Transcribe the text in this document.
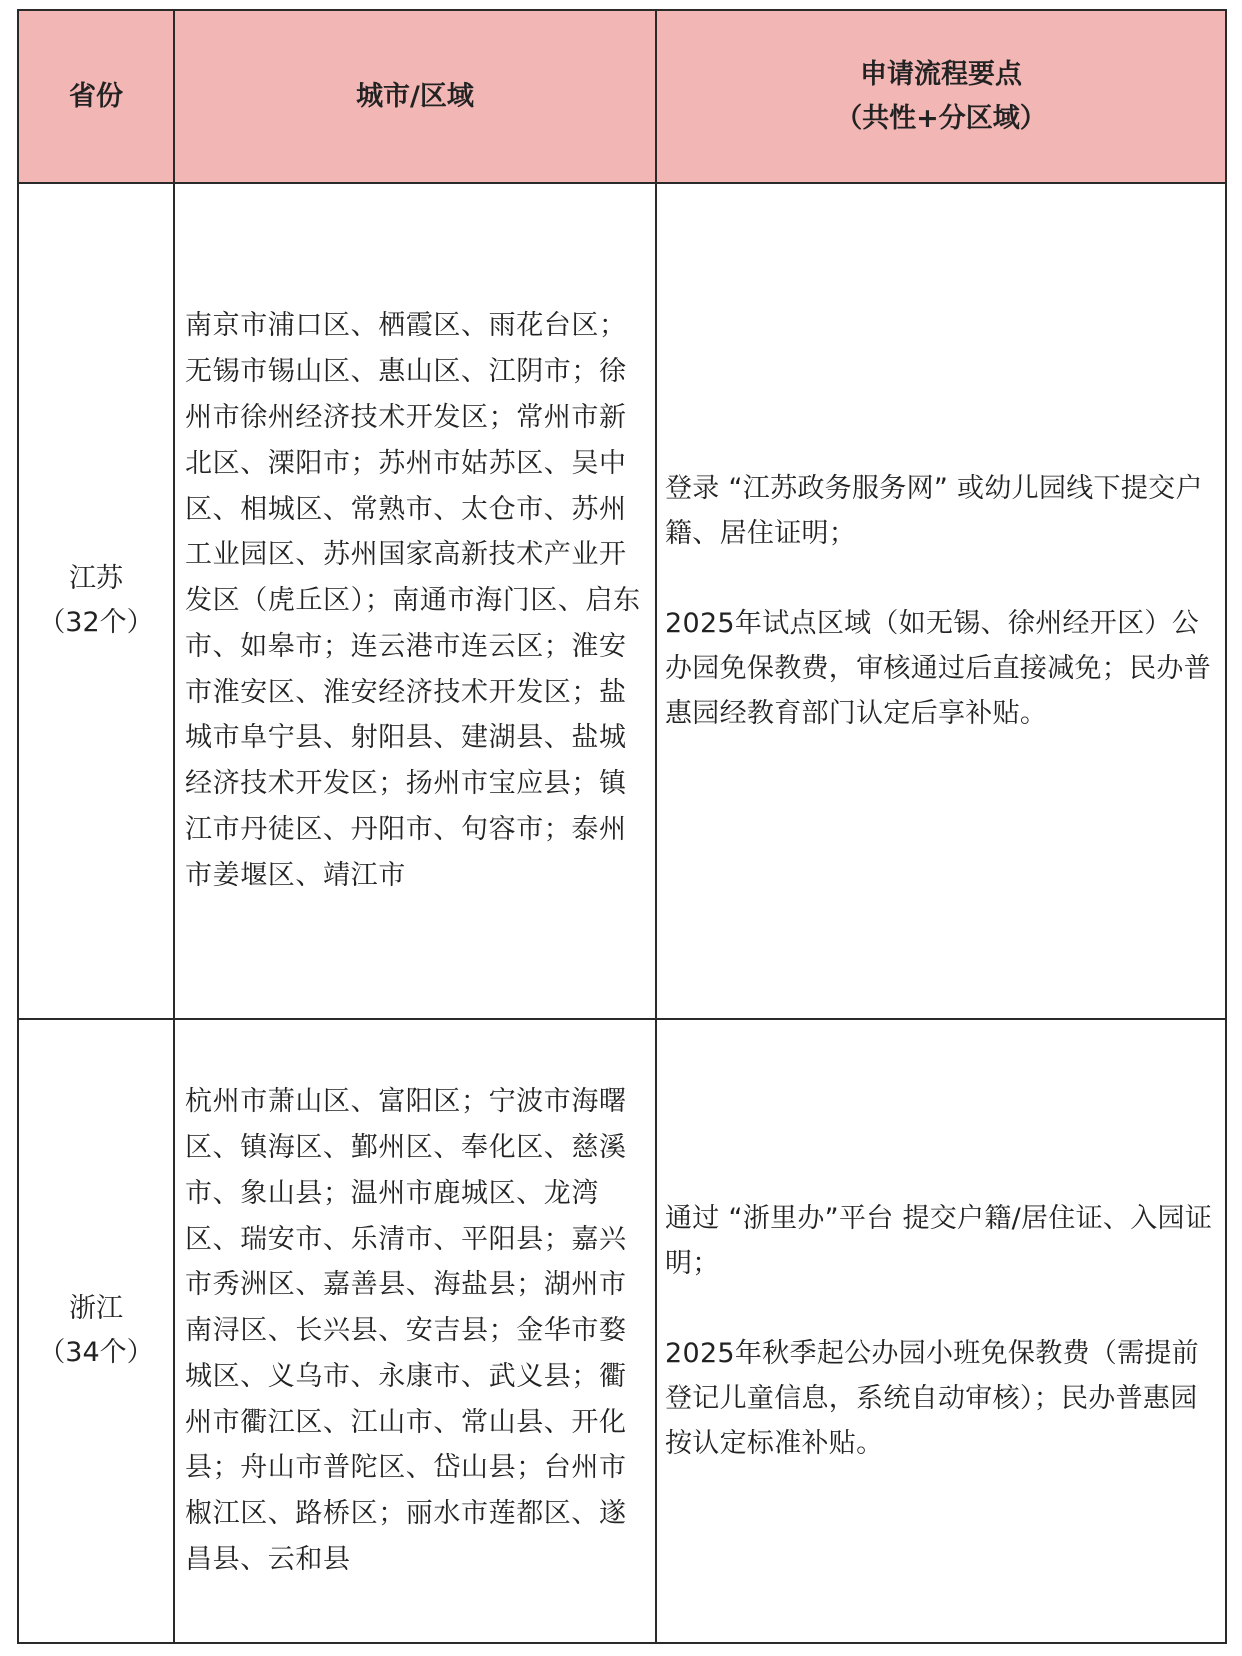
省份	城市/区域	申请流程要点
（共性+分区域）

江苏
（32个）	南京市浦口区、栖霞区、雨花台区；无锡市锡山区、惠山区、江阴市；徐州市徐州经济技术开发区；常州市新北区、溧阳市；苏州市姑苏区、吴中区、相城区、常熟市、太仓市、苏州工业园区、苏州国家高新技术产业开发区（虎丘区）；南通市海门区、启东市、如皋市；连云港市连云区；淮安市淮安区、淮安经济技术开发区；盐城市阜宁县、射阳县、建湖县、盐城经济技术开发区；扬州市宝应县；镇江市丹徒区、丹阳市、句容市；泰州市姜堰区、靖江市	登录 “江苏政务服务网” 或幼儿园线下提交户籍、居住证明；
2025年试点区域（如无锡、徐州经开区）公办园免保教费，审核通过后直接减免；民办普惠园经教育部门认定后享补贴。

浙江
（34个）	杭州市萧山区、富阳区；宁波市海曙区、镇海区、鄞州区、奉化区、慈溪市、象山县；温州市鹿城区、龙湾区、瑞安市、乐清市、平阳县；嘉兴市秀洲区、嘉善县、海盐县；湖州市南浔区、长兴县、安吉县；金华市婺城区、义乌市、永康市、武义县；衢州市衢江区、江山市、常山县、开化县；舟山市普陀区、岱山县；台州市椒江区、路桥区；丽水市莲都区、遂昌县、云和县	通过 “浙里办”平台 提交户籍/居住证、入园证明；
2025年秋季起公办园小班免保教费（需提前登记儿童信息，系统自动审核）；民办普惠园按认定标准补贴。
